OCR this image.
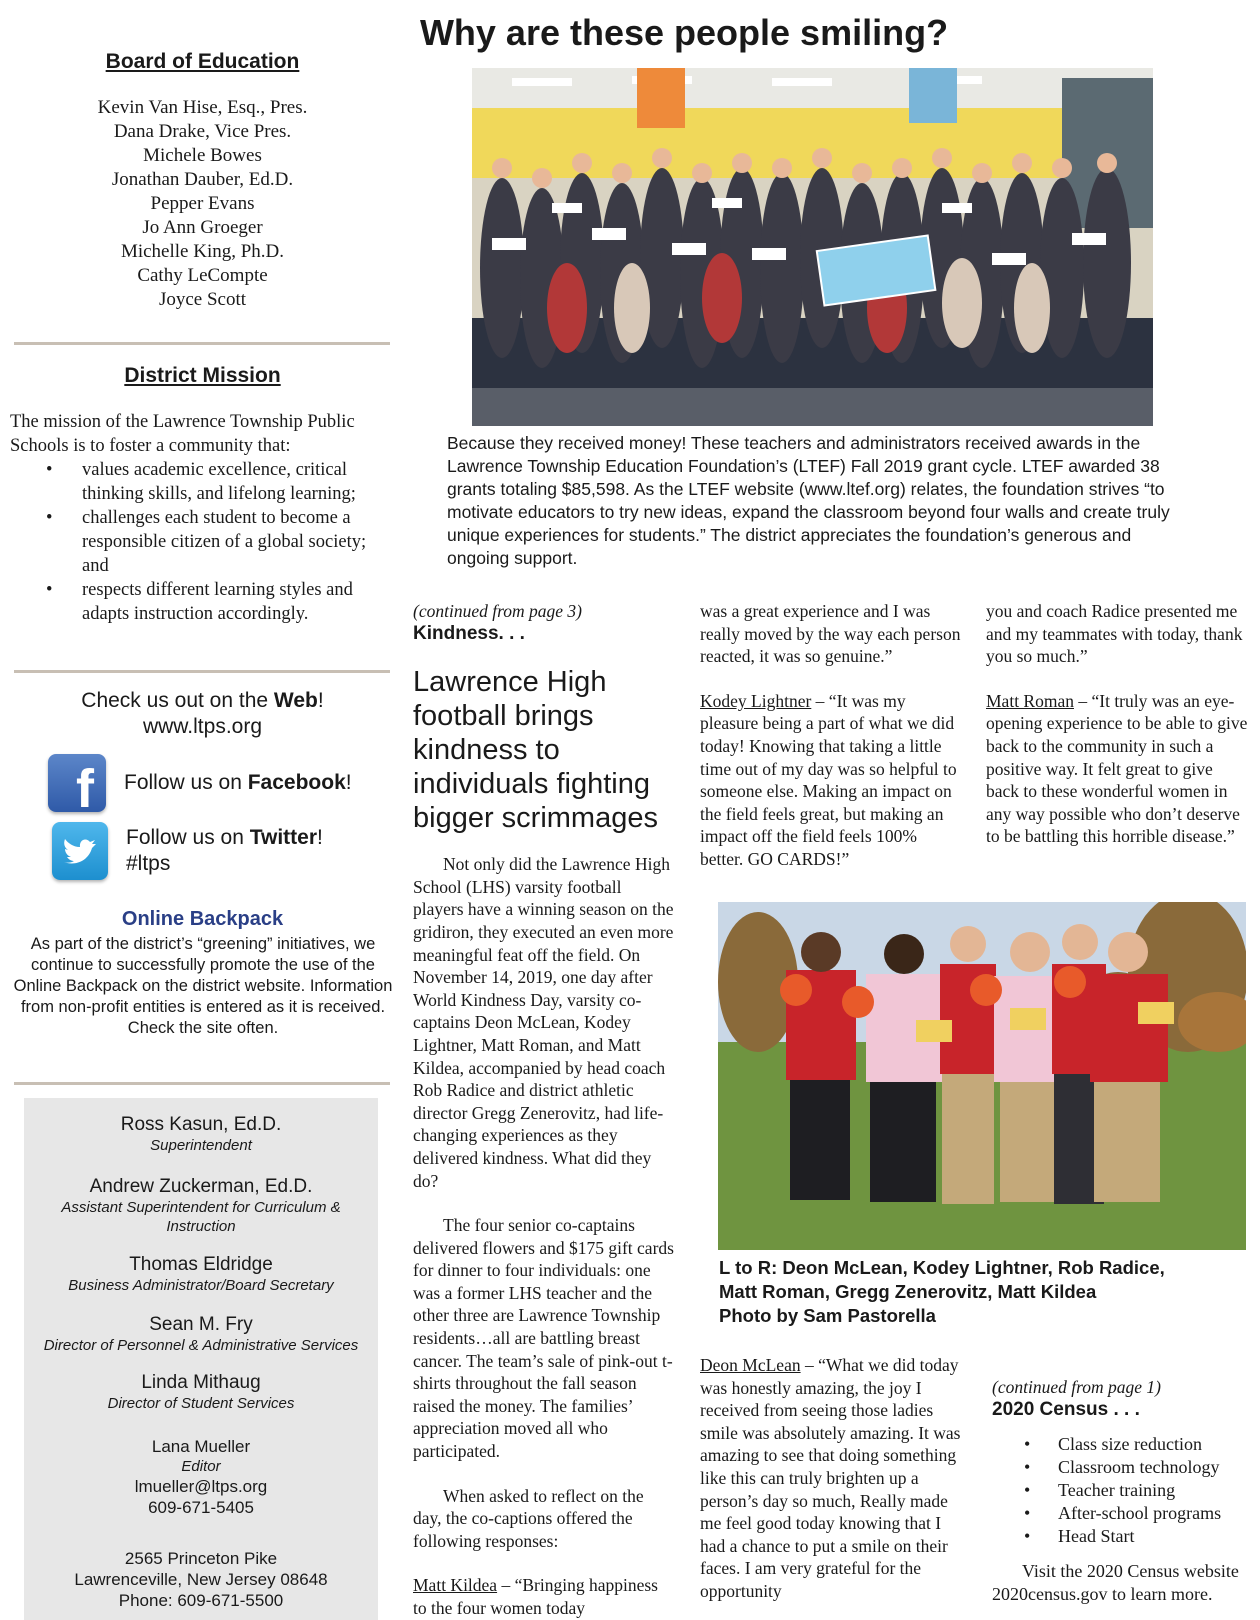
Board of Education
Kevin Van Hise, Esq., Pres.
Dana Drake, Vice Pres.
Michele Bowes
Jonathan Dauber, Ed.D.
Pepper Evans
Jo Ann Groeger
Michelle King, Ph.D.
Cathy LeCompte
Joyce Scott
District Mission

The mission of the Lawrence Township Public Schools is to foster a community that:

• values academic excellence, critical thinking skills, and lifelong learning;
• challenges each student to become a responsible citizen of a global society; and
• respects different learning styles and adapts instruction accordingly.
Check us out on the Web!
www.ltps.org
f Follow us on Facebook!
Follow us on Twitter!
#ltps
Online Backpack
As part of the district’s “greening” initiatives, we continue to successfully promote the use of the Online Backpack on the district website. Information from non-profit entities is entered as it is received. Check the site often.
Ross Kasun, Ed.D.
Superintendent
Andrew Zuckerman, Ed.D.
Assistant Superintendent for Curriculum & Instruction
Thomas Eldridge
Business Administrator/Board Secretary
Sean M. Fry
Director of Personnel & Administrative Services
Linda Mithaug
Director of Student Services
Lana Mueller
Editor
lmueller@ltps.org
609-671-5405
2565 Princeton Pike
Lawrenceville, New Jersey 08648
Phone: 609-671-5500
Why are these people smiling?
Because they received money! These teachers and administrators received awards in the Lawrence Township Education Foundation’s (LTEF) Fall 2019 grant cycle. LTEF awarded 38 grants totaling $85,598. As the LTEF website (www.ltef.org) relates, the foundation strives “to motivate educators to try new ideas, expand the classroom beyond four walls and create truly unique experiences for students.” The district appreciates the foundation’s generous and ongoing support.
(continued from page 3)
Kindness. . .
Lawrence High football brings kindness to individuals fighting bigger scrimmages

Not only did the Lawrence High School (LHS) varsity football players have a winning season on the gridiron, they executed an even more meaningful feat off the field. On November 14, 2019, one day after World Kindness Day, varsity co-captains Deon McLean, Kodey Lightner, Matt Roman, and Matt Kildea, accompanied by head coach Rob Radice and district athletic director Gregg Zenerovitz, had life-changing experiences as they delivered kindness. What did they do?

The four senior co-captains delivered flowers and $175 gift cards for dinner to four individuals: one was a former LHS teacher and the other three are Lawrence Township residents…all are battling breast cancer. The team’s sale of pink-out t-shirts throughout the fall season raised the money. The families’ appreciation moved all who participated.

When asked to reflect on the day, the co-captions offered the following responses:

Matt Kildea – “Bringing happiness to the four women today

was a great experience and I was really moved by the way each person reacted, it was so genuine.”

Kodey Lightner – “It was my pleasure being a part of what we did today! Knowing that taking a little time out of my day was so helpful to someone else. Making an impact on the field feels great, but making an impact off the field feels 100% better. GO CARDS!”

you and coach Radice presented me and my teammates with today, thank you so much.”

Matt Roman – “It truly was an eye-opening experience to be able to give back to the community in such a positive way. It felt great to give back to these wonderful women in any way possible who don’t deserve to be battling this horrible disease.”

L to R: Deon McLean, Kodey Lightner, Rob Radice,
Matt Roman, Gregg Zenerovitz, Matt Kildea
Photo by Sam Pastorella

Deon McLean – “What we did today was honestly amazing, the joy I received from seeing those ladies smile was absolutely amazing. It was amazing to see that doing something like this can truly brighten up a person’s day so much, Really made me feel good today knowing that I had a chance to put a smile on their faces. I am very grateful for the opportunity

(continued from page 1)
2020 Census . . .
• Class size reduction
• Classroom technology
• Teacher training
• After-school programs
• Head Start

Visit the 2020 Census website 2020census.gov to learn more.
